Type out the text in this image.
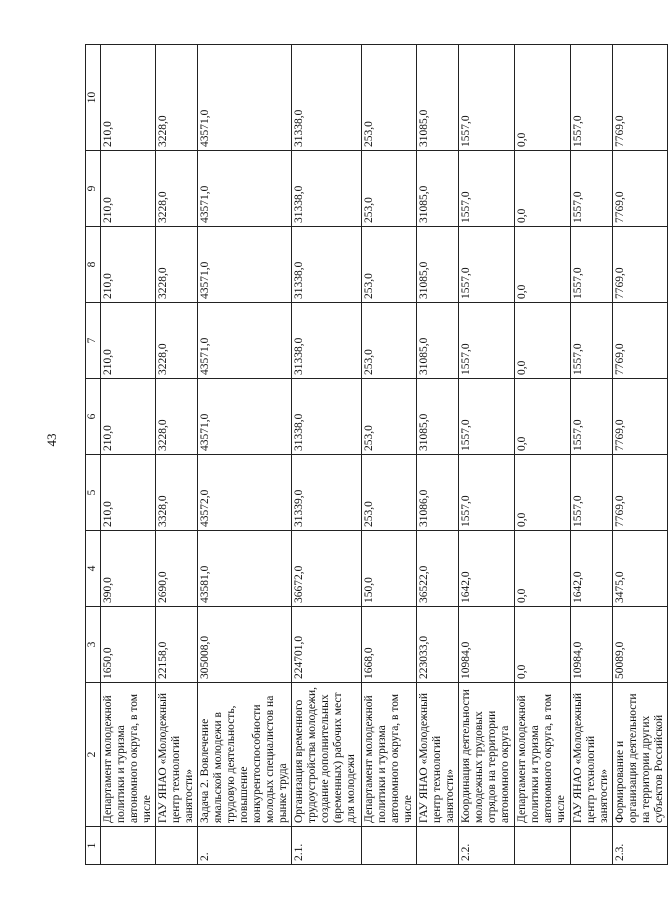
43
1	2	3	4	5	6	7	8	9	10
	Департамент молодежной политики и туризма автономного округа, в том числе	1650,0	390,0	210,0	210,0	210,0	210,0	210,0	210,0
	ГАУ ЯНАО «Молодежный центр технологий занятости»	22158,0	2690,0	3328,0	3228,0	3228,0	3228,0	3228,0	3228,0
2.	Задача 2. Вовлечение ямальской молодежи в трудовую деятельность, повышение конкурентоспособности молодых специалистов на рынке труда	305008,0	43581,0	43572,0	43571,0	43571,0	43571,0	43571,0	43571,0
2.1.	Организация временного трудоустройства молодежи, создание дополнительных (временных) рабочих мест для молодежи	224701,0	36672,0	31339,0	31338,0	31338,0	31338,0	31338,0	31338,0
	Департамент молодежной политики и туризма автономного округа, в том числе	1668,0	150,0	253,0	253,0	253,0	253,0	253,0	253,0
	ГАУ ЯНАО «Молодежный центр технологий занятости»	223033,0	36522,0	31086,0	31085,0	31085,0	31085,0	31085,0	31085,0
2.2.	Координация деятельности молодежных трудовых отрядов на территории автономного округа	10984,0	1642,0	1557,0	1557,0	1557,0	1557,0	1557,0	1557,0
	Департамент молодежной политики и туризма автономного округа, в том числе	0,0	0,0	0,0	0,0	0,0	0,0	0,0	0,0
	ГАУ ЯНАО «Молодежный центр технологий занятости»	10984,0	1642,0	1557,0	1557,0	1557,0	1557,0	1557,0	1557,0
2.3.	Формирование и организация деятельности на территории других субъектов Российской	50089,0	3475,0	7769,0	7769,0	7769,0	7769,0	7769,0	7769,0
